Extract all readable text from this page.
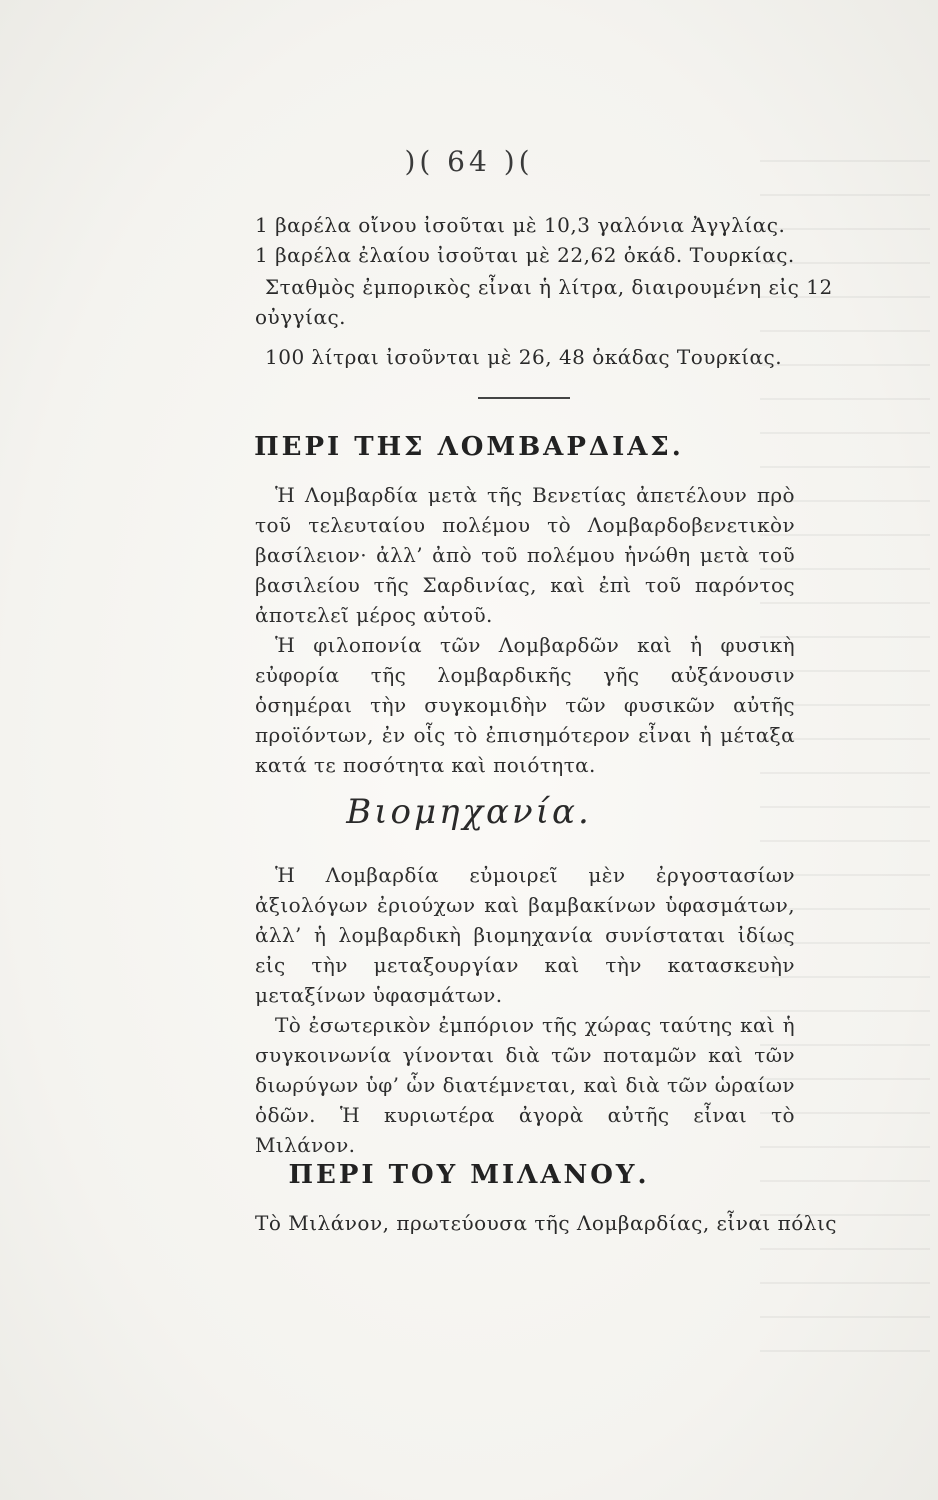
)( 64 )(
1 βαρέλα οἴνου ἰσοῦται μὲ 10,3 γαλόνια Ἀγγλίας.
1 βαρέλα ἐλαίου ἰσοῦται μὲ 22,62 ὀκάδ. Τουρκίας.
Σταθμὸς ἐμπορικὸς εἶναι ἡ λίτρα, διαιρουμένη εἰς 12
οὐγγίας.
100 λίτραι ἰσοῦνται μὲ 26, 48 ὀκάδας Τουρκίας.
ΠΕΡΙ ΤΗΣ ΛΟΜΒΑΡΔΙΑΣ.

Ἡ Λομβαρδία μετὰ τῆς Βενετίας ἀπετέλουν πρὸ τοῦ τελευταίου πολέμου τὸ Λομβαρδοβενετικὸν βασίλειον· ἀλλ’ ἀπὸ τοῦ πολέμου ἡνώθη μετὰ τοῦ βασιλείου τῆς Σαρδινίας, καὶ ἐπὶ τοῦ παρόντος ἀποτελεῖ μέρος αὐτοῦ.

Ἡ φιλοπονία τῶν Λομβαρδῶν καὶ ἡ φυσικὴ εὐφορία τῆς λομβαρδικῆς γῆς αὐξάνουσιν ὁσημέραι τὴν συγκομιδὴν τῶν φυσικῶν αὐτῆς προϊόντων, ἐν οἷς τὸ ἐπισημότερον εἶναι ἡ μέταξα κατά τε ποσότητα καὶ ποιότητα.

Βιομηχανία.

Ἡ Λομβαρδία εὐμοιρεῖ μὲν ἐργοστασίων ἀξιολόγων ἐριούχων καὶ βαμβακίνων ὑφασμάτων, ἀλλ’ ἡ λομβαρδικὴ βιομηχανία συνίσταται ἰδίως εἰς τὴν μεταξουργίαν καὶ τὴν κατασκευὴν μεταξίνων ὑφασμάτων.

Τὸ ἐσωτερικὸν ἐμπόριον τῆς χώρας ταύτης καὶ ἡ συγκοινωνία γίνονται διὰ τῶν ποταμῶν καὶ τῶν διωρύγων ὑφ’ ὧν διατέμνεται, καὶ διὰ τῶν ὡραίων ὁδῶν. Ἡ κυριωτέρα ἀγορὰ αὐτῆς εἶναι τὸ Μιλάνον.

ΠΕΡΙ ΤΟΥ ΜΙΛΑΝΟΥ.
Τὸ Μιλάνον, πρωτεύουσα τῆς Λομβαρδίας, εἶναι πόλις
